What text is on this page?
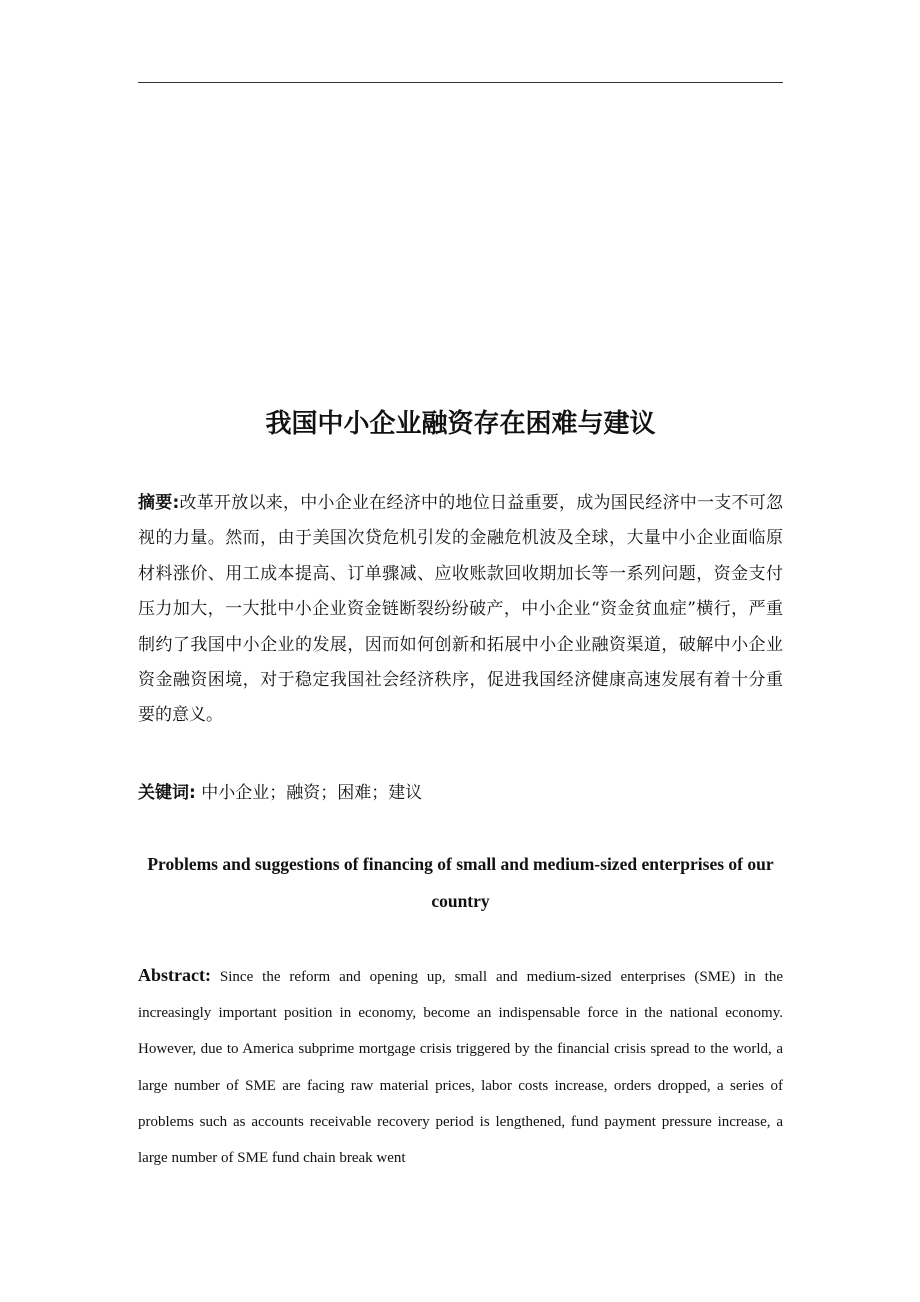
我国中小企业融资存在困难与建议

摘要:改革开放以来，中小企业在经济中的地位日益重要，成为国民经济中一支不可忽视的力量。然而，由于美国次贷危机引发的金融危机波及全球，大量中小企业面临原材料涨价、用工成本提高、订单骤减、应收账款回收期加长等一系列问题，资金支付压力加大，一大批中小企业资金链断裂纷纷破产，中小企业“资金贫血症”横行，严重制约了我国中小企业的发展，因而如何创新和拓展中小企业融资渠道，破解中小企业资金融资困境，对于稳定我国社会经济秩序，促进我国经济健康高速发展有着十分重要的意义。

关键词: 中小企业；融资；困难；建议

Problems and suggestions of financing of small and medium-sized enterprises of our country

Abstract: Since the reform and opening up, small and medium-sized enterprises (SME) in the increasingly important position in economy, become an indispensable force in the national economy. However, due to America subprime mortgage crisis triggered by the financial crisis spread to the world, a large number of SME are facing raw material prices, labor costs increase, orders dropped, a series of problems such as accounts receivable recovery period is lengthened, fund payment pressure increase, a large number of SME fund chain break went
